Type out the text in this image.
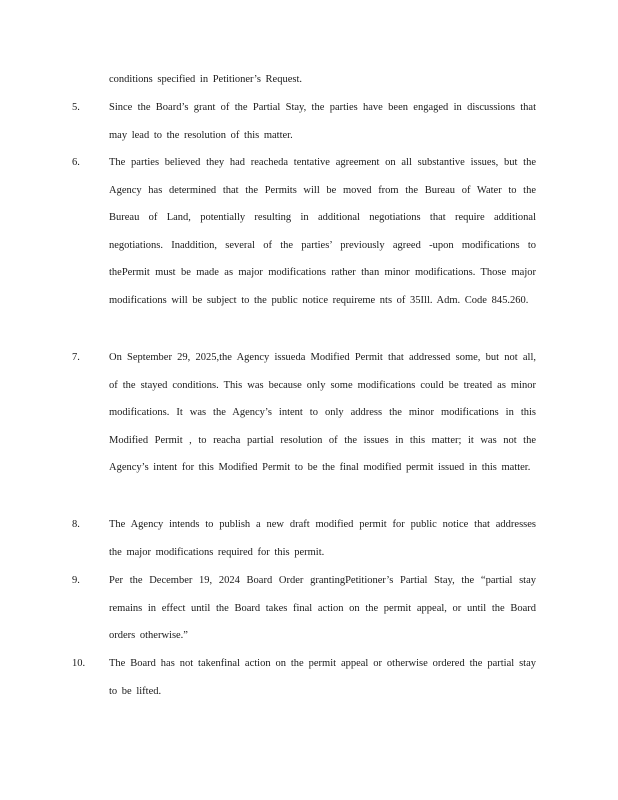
conditions specified in Petitioner’s Request.
5.	Since the Board’s grant of the Partial Stay, the parties have been engaged in discussions that may lead to the resolution of this matter.
6.	The parties believed they had reacheda tentative agreement on all substantive issues, but the Agency has determined that the Permits will be moved from the Bureau of Water to the Bureau of Land, potentially resulting in additional negotiations that require additional negotiations. Inaddition, several of the parties’ previously agreed -upon modifications to thePermit must be made as major modifications rather than minor modifications. Those major modifications will be subject to the public notice requireme nts of 35Ill. Adm. Code 845.260.
7.	On September 29, 2025,the Agency issueda Modified Permit that addressed some, but not all, of the stayed conditions. This was because only some modifications could be treated as minor modifications. It was the Agency’s intent to only address the minor modifications in this Modified Permit , to reacha partial resolution of the issues in this matter; it was not the Agency’s intent for this Modified Permit to be the final modified permit issued in this matter.
8.	The Agency intends to publish a new draft modified permit for public notice that addresses the major modifications required for this permit.
9.	Per the December 19, 2024 Board Order grantingPetitioner’s Partial Stay, the “partial stay remains in effect until the Board takes final action on the permit appeal, or until the Board orders otherwise.”
10. The Board has not takenfinal action on the permit appeal or otherwise ordered the partial stay to be lifted.
